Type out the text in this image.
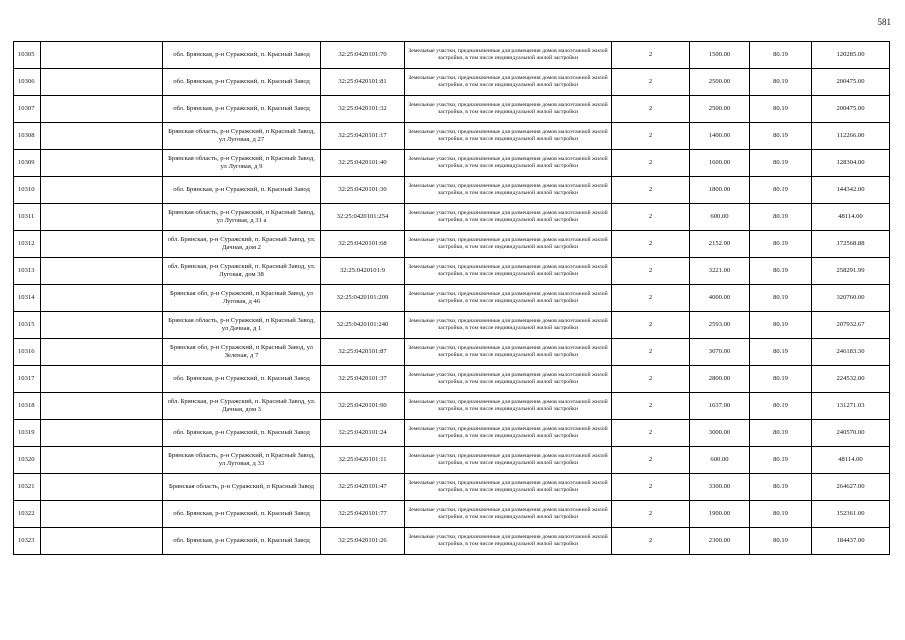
581
10305		обл. Брянская, р-н Суражский, п. Красный Завод	32:25:0420101:70	Земельные участки, предназначенные для размещения домов малоэтажной жилой застройки, в том числе индивидуальной жилой застройки	2	1500.00	80.19	120285.00
10306		обл. Брянская, р-н Суражский, п. Красный Завод	32:25:0420101:81	Земельные участки, предназначенные для размещения домов малоэтажной жилой застройки, в том числе индивидуальной жилой застройки	2	2500.00	80.19	200475.00
10307		обл. Брянская, р-н Суражский, п. Красный Завод	32:25:0420101:32	Земельные участки, предназначенные для размещения домов малоэтажной жилой застройки, в том числе индивидуальной жилой застройки	2	2500.00	80.19	200475.00
10308		Брянская область, р-н Суражский, п Красный Завод, ул Луговая, д 27	32:25:0420101:17	Земельные участки, предназначенные для размещения домов малоэтажной жилой застройки, в том числе индивидуальной жилой застройки	2	1400.00	80.19	112266.00
10309		Брянская область, р-н Суражский, п Красный Завод, ул Луговая, д 9	32:25:0420101:40	Земельные участки, предназначенные для размещения домов малоэтажной жилой застройки, в том числе индивидуальной жилой застройки	2	1600.00	80.19	128304.00
10310		обл. Брянская, р-н Суражский, п. Красный Завод	32:25:0420101:30	Земельные участки, предназначенные для размещения домов малоэтажной жилой застройки, в том числе индивидуальной жилой застройки	2	1800.00	80.19	144342.00
10311		Брянская область, р-н Суражский, п Красный Завод, ул Луговая, д 31 а	32:25:0420101:254	Земельные участки, предназначенные для размещения домов малоэтажной жилой застройки, в том числе индивидуальной жилой застройки	2	600.00	80.19	48114.00
10312		обл. Брянская, р-н Суражский, п. Красный Завод, ул. Дачная, дом 2	32:25:0420101:68	Земельные участки, предназначенные для размещения домов малоэтажной жилой застройки, в том числе индивидуальной жилой застройки	2	2152.00	80.19	172568.88
10313		обл. Брянская, р-н Суражский, п. Красный Завод, ул. Луговая, дом 38	32:25:0420101:9	Земельные участки, предназначенные для размещения домов малоэтажной жилой застройки, в том числе индивидуальной жилой застройки	2	3221.00	80.19	258291.99
10314		Брянская обл, р-н Суражский, п Красный Завод, ул Луговая, д 46	32:25:0420101:209	Земельные участки, предназначенные для размещения домов малоэтажной жилой застройки, в том числе индивидуальной жилой застройки	2	4000.00	80.19	320760.00
10315		Брянская область, р-н Суражский, п Красный Завод, ул Дачная, д 1	32:25:0420101:240	Земельные участки, предназначенные для размещения домов малоэтажной жилой застройки, в том числе индивидуальной жилой застройки	2	2593.00	80.19	207932.67
10316		Брянская обл, р-н Суражский, п Красный Завод, ул Зеленая, д 7	32:25:0420101:87	Земельные участки, предназначенные для размещения домов малоэтажной жилой застройки, в том числе индивидуальной жилой застройки	2	3070.00	80.19	246183.30
10317		обл. Брянская, р-н Суражский, п. Красный Завод	32:25:0420101:37	Земельные участки, предназначенные для размещения домов малоэтажной жилой застройки, в том числе индивидуальной жилой застройки	2	2800.00	80.19	224532.00
10318		обл. Брянская, р-н Суражский, п. Красный Завод, ул. Дачная, дом 3	32:25:0420101:90	Земельные участки, предназначенные для размещения домов малоэтажной жилой застройки, в том числе индивидуальной жилой застройки	2	1637.00	80.19	131271.03
10319		обл. Брянская, р-н Суражский, п. Красный Завод	32:25:0420101:24	Земельные участки, предназначенные для размещения домов малоэтажной жилой застройки, в том числе индивидуальной жилой застройки	2	3000.00	80.19	240570.00
10320		Брянская область, р-н Суражский, п Красный Завод, ул Луговая, д 33	32:25:0420101:11	Земельные участки, предназначенные для размещения домов малоэтажной жилой застройки, в том числе индивидуальной жилой застройки	2	600.00	80.19	48114.00
10321		Брянская область, р-н Суражский, п Красный Завод	32:25:0420101:47	Земельные участки, предназначенные для размещения домов малоэтажной жилой застройки, в том числе индивидуальной жилой застройки	2	3300.00	80.19	264627.00
10322		обл. Брянская, р-н Суражский, п. Красный Завод	32:25:0420101:77	Земельные участки, предназначенные для размещения домов малоэтажной жилой застройки, в том числе индивидуальной жилой застройки	2	1900.00	80.19	152361.00
10323		обл. Брянская, р-н Суражский, п. Красный Завод	32:25:0420101:26	Земельные участки, предназначенные для размещения домов малоэтажной жилой застройки, в том числе индивидуальной жилой застройки	2	2300.00	80.19	184437.00
